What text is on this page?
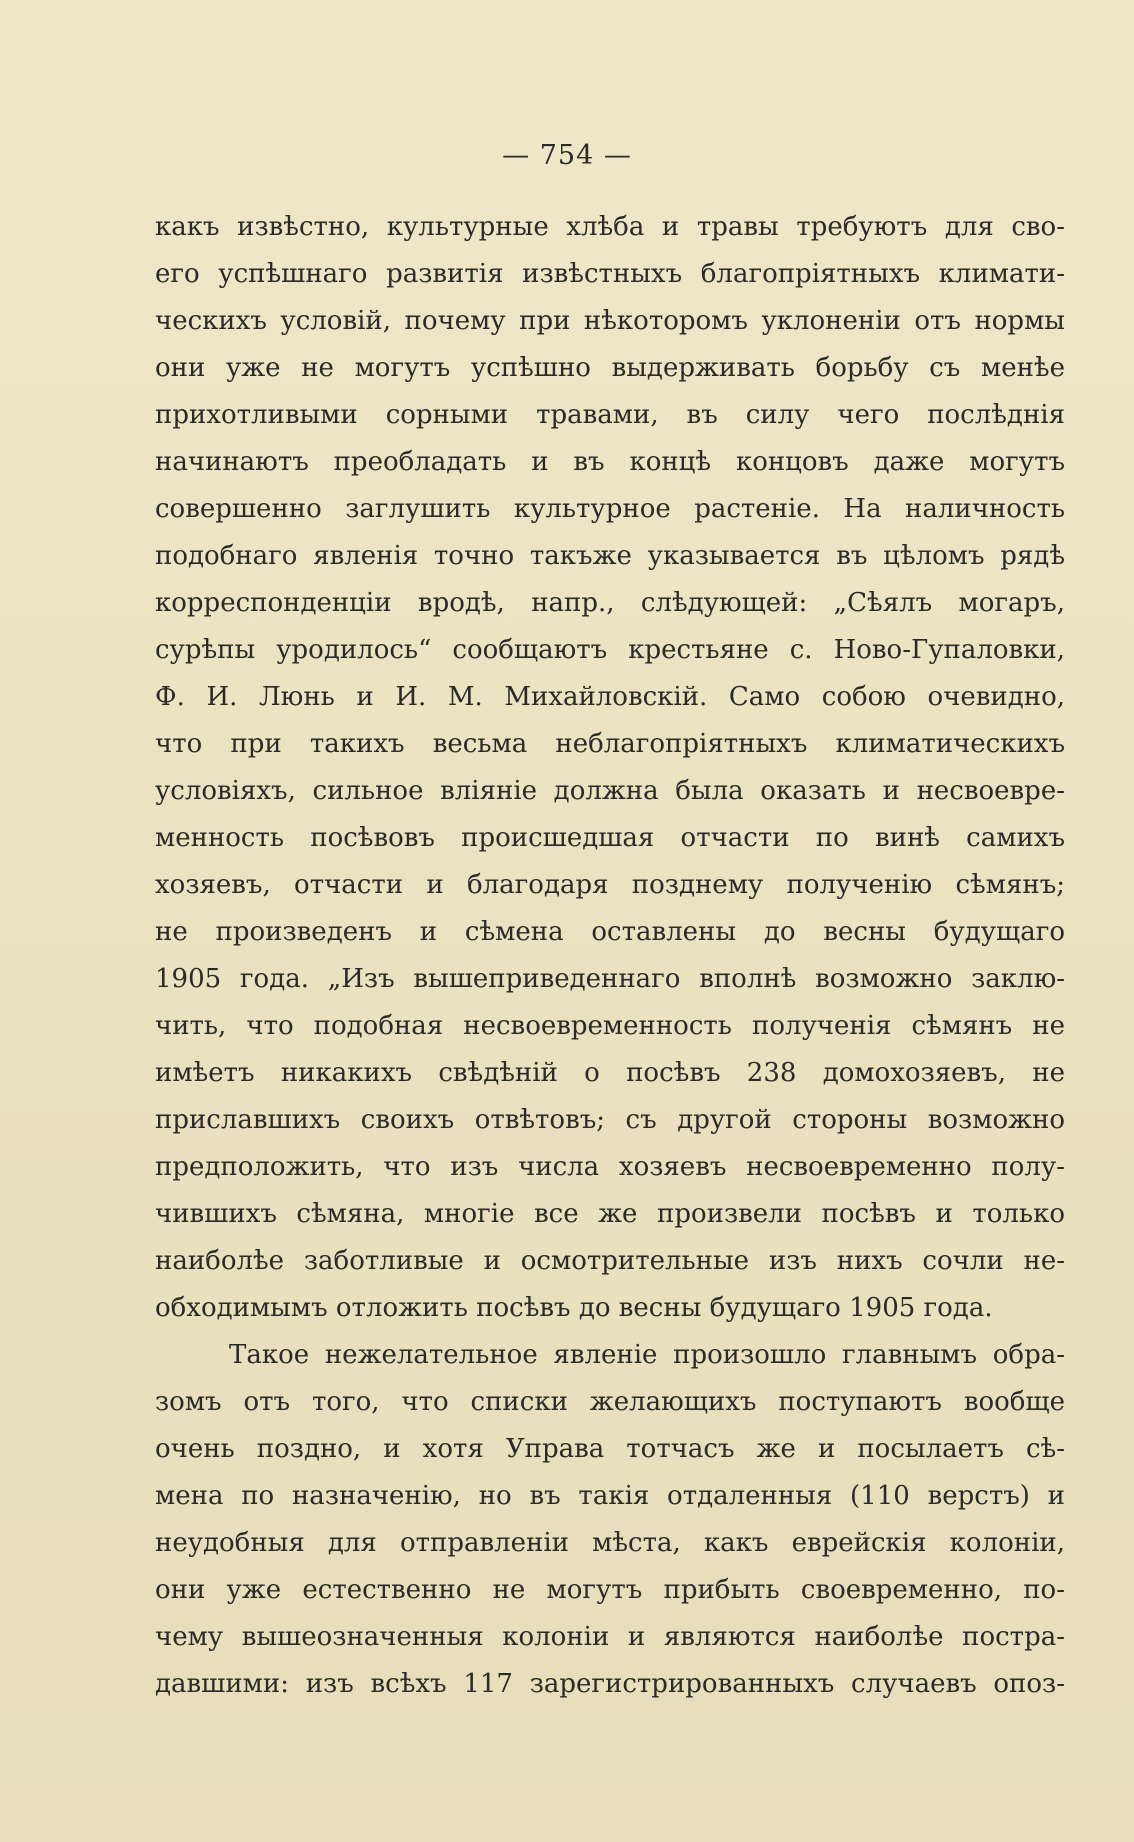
— 754 —
какъ извѣстно, культурные хлѣба и травы требуютъ для сво-
его успѣшнаго развитія извѣстныхъ благопріятныхъ климати-
ческихъ условій, почему при нѣкоторомъ уклоненіи отъ нормы
они уже не могутъ успѣшно выдерживать борьбу съ менѣе
прихотливыми сорными травами, въ силу чего послѣднія
начинаютъ преобладать и въ концѣ концовъ даже могутъ
совершенно заглушить культурное растеніе. На наличность
подобнаго явленія точно такъже указывается въ цѣломъ рядѣ
корреспонденціи вродѣ, напр., слѣдующей: „Сѣялъ могаръ,
сурѣпы уродилось“ сообщаютъ крестьяне с. Ново-Гупаловки,
Ф. И. Люнь и И. М. Михайловскій. Само собою очевидно,
что при такихъ весьма неблагопріятныхъ климатическихъ
условіяхъ, сильное вліяніе должна была оказать и несвоевре-
менность посѣвовъ происшедшая отчасти по винѣ самихъ
хозяевъ, отчасти и благодаря позднему полученію сѣмянъ;
не произведенъ и сѣмена оставлены до весны будущаго
1905 года. „Изъ вышеприведеннаго вполнѣ возможно заклю-
чить, что подобная несвоевременность полученія сѣмянъ не
имѣетъ никакихъ свѣдѣній о посѣвъ 238 домохозяевъ, не
приславшихъ своихъ отвѣтовъ; съ другой стороны возможно
предположить, что изъ числа хозяевъ несвоевременно полу-
чившихъ сѣмяна, многіе все же произвели посѣвъ и только
наиболѣе заботливые и осмотрительные изъ нихъ сочли не-
обходимымъ отложить посѣвъ до весны будущаго 1905 года.
Такое нежелательное явленіе произошло главнымъ обра-
зомъ отъ того, что списки желающихъ поступаютъ вообще
очень поздно, и хотя Управа тотчасъ же и посылаетъ сѣ-
мена по назначенію, но въ такія отдаленныя (110 верстъ) и
неудобныя для отправленіи мѣста, какъ еврейскія колоніи,
они уже естественно не могутъ прибыть своевременно, по-
чему вышеозначенныя колоніи и являются наиболѣе постра-
давшими: изъ всѣхъ 117 зарегистрированныхъ случаевъ опоз-
